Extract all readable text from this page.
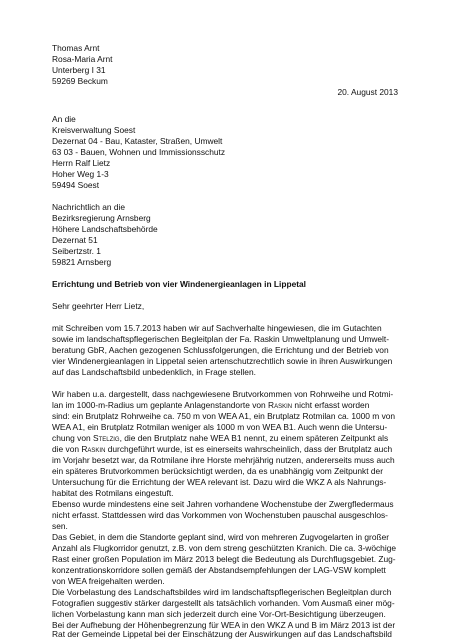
Thomas Arnt

Rosa-Maria Arnt

Unterberg I 31

59269 Beckum

20. August 2013

An die

Kreisverwaltung Soest

Dezernat 04 - Bau, Kataster, Straßen, Umwelt

63 03 - Bauen, Wohnen und Immissionsschutz

Herrn Ralf Lietz

Hoher Weg 1-3

59494 Soest

Nachrichtlich an die

Bezirksregierung Arnsberg

Höhere Landschaftsbehörde

Dezernat 51

Seibertzstr. 1

59821 Arnsberg

Errichtung und Betrieb von vier Windenergieanlagen in Lippetal

Sehr geehrter Herr Lietz,

mit Schreiben vom 15.7.2013 haben wir auf Sachverhalte hingewiesen, die im Gutachten

sowie im landschaftspflegerischen Begleitplan der Fa. Raskin Umweltplanung und Umwelt-

beratung GbR, Aachen gezogenen Schlussfolgerungen, die Errichtung und der Betrieb von

vier Windenergieanlagen in Lippetal seien artenschutzrechtlich sowie in ihren Auswirkungen

auf das Landschaftsbild unbedenklich, in Frage stellen.

Wir haben u.a. dargestellt, dass nachgewiesene Brutvorkommen von Rohrweihe und Rotmi-

lan im 1000-m-Radius um geplante Anlagenstandorte von Raskin nicht erfasst worden

sind: ein Brutplatz Rohrweihe ca. 750 m von WEA A1, ein Brutplatz Rotmilan ca. 1000 m von

WEA A1, ein Brutplatz Rotmilan weniger als 1000 m von WEA B1. Auch wenn die Untersu-

chung von Stelzig, die den Brutplatz nahe WEA B1 nennt, zu einem späteren Zeitpunkt als

die von Raskin durchgeführt wurde, ist es einerseits wahrscheinlich, dass der Brutplatz auch

im Vorjahr besetzt war, da Rotmilane ihre Horste mehrjährig nutzen, andererseits muss auch

ein späteres Brutvorkommen berücksichtigt werden, da es unabhängig vom Zeitpunkt der

Untersuchung für die Errichtung der WEA relevant ist. Dazu wird die WKZ A als Nahrungs-

habitat des Rotmilans eingestuft.

Ebenso wurde mindestens eine seit Jahren vorhandene Wochenstube der Zwergfledermaus

nicht erfasst. Stattdessen wird das Vorkommen von Wochenstuben pauschal ausgeschlos-

sen.

Das Gebiet, in dem die Standorte geplant sind, wird von mehreren Zugvogelarten in großer

Anzahl als Flugkorridor genutzt, z.B. von dem streng geschützten Kranich. Die ca. 3-wöchige

Rast einer großen Population im März 2013 belegt die Bedeutung als Durchflugsgebiet. Zug-

konzentrationskorridore sollen gemäß der Abstandsempfehlungen der LAG-VSW komplett

von WEA freigehalten werden.

Die Vorbelastung des Landschaftsbildes wird im landschaftspflegerischen Begleitplan durch

Fotografien suggestiv stärker dargestellt als tatsächlich vorhanden. Vom Ausmaß einer mög-

lichen Vorbelastung kann man sich jederzeit durch eine Vor-Ort-Besichtigung überzeugen.

Bei der Aufhebung der Höhenbegrenzung für WEA in den WKZ A und B im März 2013 ist der

Rat der Gemeinde Lippetal bei der Einschätzung der Auswirkungen auf das Landschaftsbild
